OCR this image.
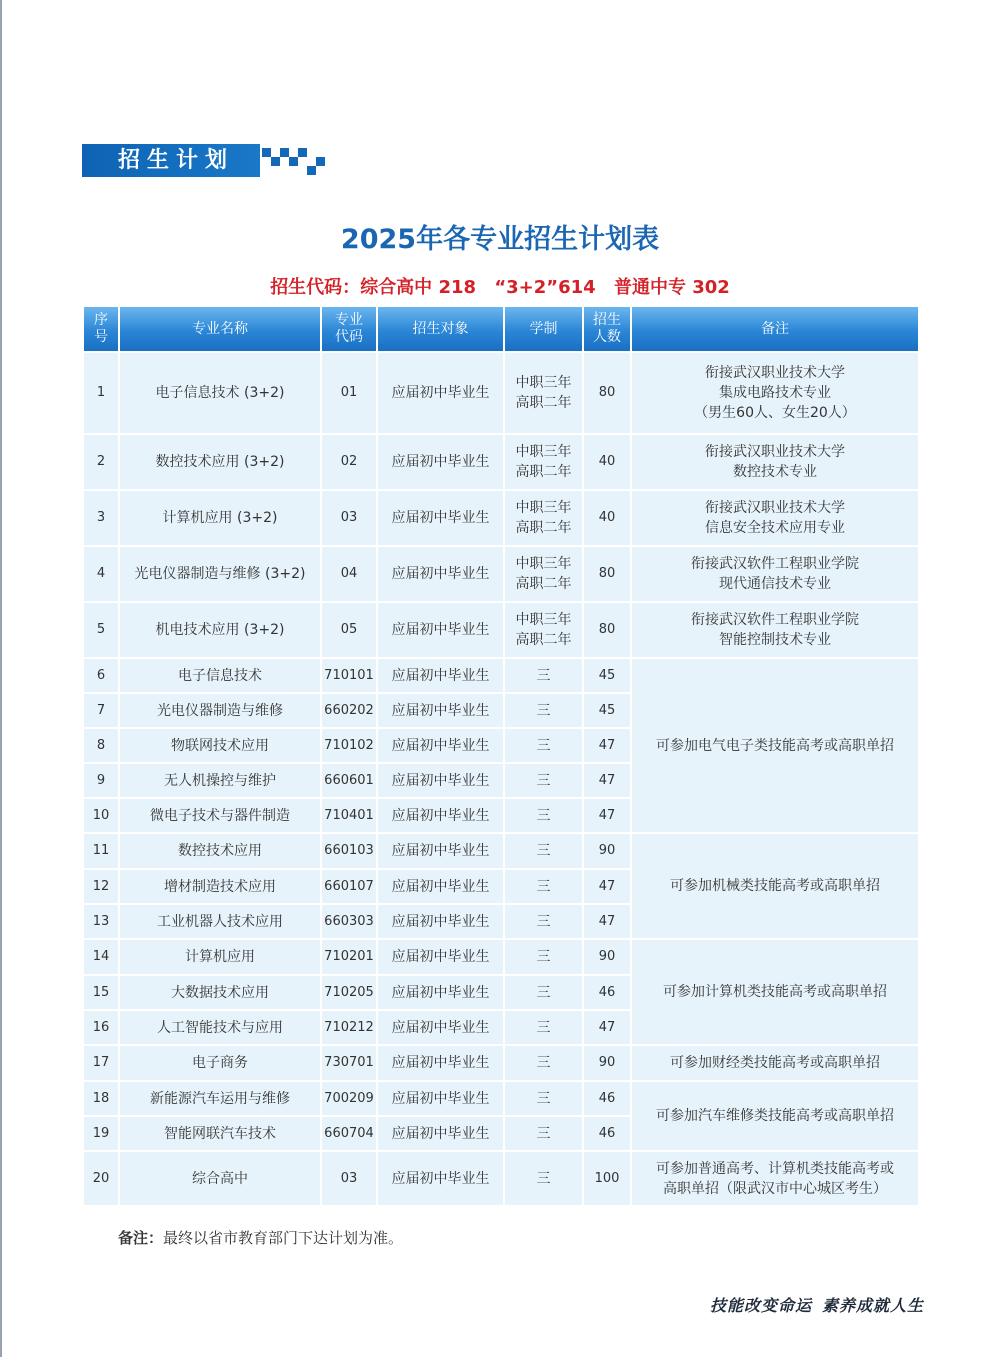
招生计划
2025年各专业招生计划表
招生代码：综合高中 218 “3+2”614 普通中专 302
序号	专业名称	专业代码	招生对象	学制	招生人数	备注
1	电子信息技术 (3+2)	01	应届初中毕业生	中职三年
高职二年	80	衔接武汉职业技术大学
集成电路技术专业
（男生60人、女生20人）
2	数控技术应用 (3+2)	02	应届初中毕业生	中职三年
高职二年	40	衔接武汉职业技术大学
数控技术专业
3	计算机应用 (3+2)	03	应届初中毕业生	中职三年
高职二年	40	衔接武汉职业技术大学
信息安全技术应用专业
4	光电仪器制造与维修 (3+2)	04	应届初中毕业生	中职三年
高职二年	80	衔接武汉软件工程职业学院
现代通信技术专业
5	机电技术应用 (3+2)	05	应届初中毕业生	中职三年
高职二年	80	衔接武汉软件工程职业学院
智能控制技术专业
6	电子信息技术	710101	应届初中毕业生	三	45	可参加电气电子类技能高考或高职单招
7	光电仪器制造与维修	660202	应届初中毕业生	三	45	
8	物联网技术应用	710102	应届初中毕业生	三	47	
9	无人机操控与维护	660601	应届初中毕业生	三	47	
10	微电子技术与器件制造	710401	应届初中毕业生	三	47	
11	数控技术应用	660103	应届初中毕业生	三	90	可参加机械类技能高考或高职单招
12	增材制造技术应用	660107	应届初中毕业生	三	47	
13	工业机器人技术应用	660303	应届初中毕业生	三	47	
14	计算机应用	710201	应届初中毕业生	三	90	可参加计算机类技能高考或高职单招
15	大数据技术应用	710205	应届初中毕业生	三	46	
16	人工智能技术与应用	710212	应届初中毕业生	三	47	
17	电子商务	730701	应届初中毕业生	三	90	可参加财经类技能高考或高职单招
18	新能源汽车运用与维修	700209	应届初中毕业生	三	46	可参加汽车维修类技能高考或高职单招
19	智能网联汽车技术	660704	应届初中毕业生	三	46	
20	综合高中	03	应届初中毕业生	三	100	可参加普通高考、计算机类技能高考或
高职单招（限武汉市中心城区考生）
备注：最终以省市教育部门下达计划为准。
技能改变命运 素养成就人生
